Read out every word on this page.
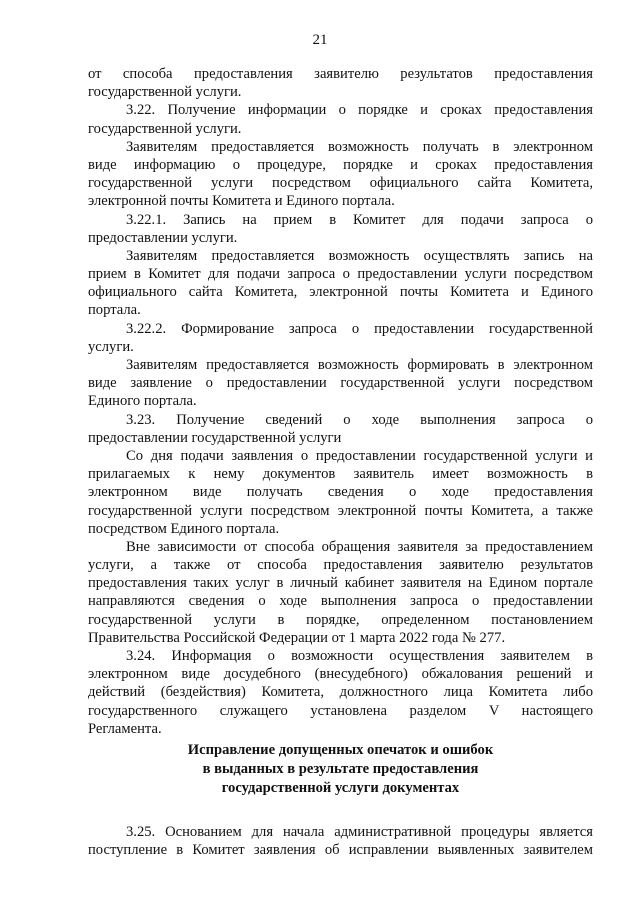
21
от способа предоставления заявителю результатов предоставления
государственной услуги.
3.22. Получение информации о порядке и сроках предоставления
государственной услуги.
Заявителям предоставляется возможность получать в электронном
виде информацию о процедуре, порядке и сроках предоставления
государственной услуги посредством официального сайта Комитета,
электронной почты Комитета и Единого портала.
3.22.1. Запись на прием в Комитет для подачи запроса о
предоставлении услуги.
Заявителям предоставляется возможность осуществлять запись на
прием в Комитет для подачи запроса о предоставлении услуги посредством
официального сайта Комитета, электронной почты Комитета и Единого
портала.
3.22.2. Формирование запроса о предоставлении государственной
услуги.
Заявителям предоставляется возможность формировать в электронном
виде заявление о предоставлении государственной услуги посредством
Единого портала.
3.23. Получение сведений о ходе выполнения запроса о
предоставлении государственной услуги
Со дня подачи заявления о предоставлении государственной услуги и
прилагаемых к нему документов заявитель имеет возможность в
электронном виде получать сведения о ходе предоставления
государственной услуги посредством электронной почты Комитета, а также
посредством Единого портала.
Вне зависимости от способа обращения заявителя за предоставлением
услуги, а также от способа предоставления заявителю результатов
предоставления таких услуг в личный кабинет заявителя на Едином портале
направляются сведения о ходе выполнения запроса о предоставлении
государственной услуги в порядке, определенном постановлением
Правительства Российской Федерации от 1 марта 2022 года № 277.
3.24. Информация о возможности осуществления заявителем в
электронном виде досудебного (внесудебного) обжалования решений и
действий (бездействия) Комитета, должностного лица Комитета либо
государственного служащего установлена разделом V настоящего
Регламента.
Исправление допущенных опечаток и ошибок
в выданных в результате предоставления
государственной услуги документах
3.25. Основанием для начала административной процедуры является
поступление в Комитет заявления об исправлении выявленных заявителем
